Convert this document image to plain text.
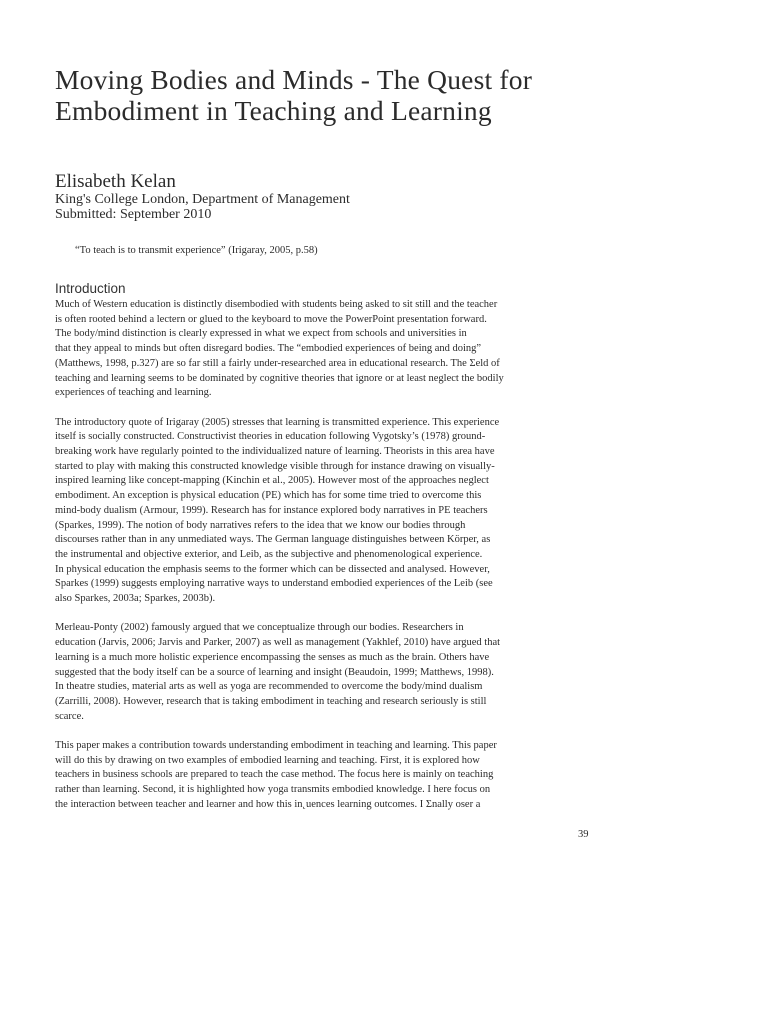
Moving Bodies and Minds - The Quest for Embodiment in Teaching and Learning
Elisabeth Kelan
King's College London, Department of Management
Submitted: September 2010
“To teach is to transmit experience” (Irigaray, 2005, p.58)
Introduction

Much of Western education is distinctly disembodied with students being asked to sit still and the teacher
is often rooted behind a lectern or glued to the keyboard to move the PowerPoint presentation forward.
The body/mind distinction is clearly expressed in what we expect from schools and universities in
that they appeal to minds but often disregard bodies. The “embodied experiences of being and doing”
(Matthews, 1998, p.327) are so far still a fairly under-researched area in educational research. The Σeld of
teaching and learning seems to be dominated by cognitive theories that ignore or at least neglect the bodily
experiences of teaching and learning.

The introductory quote of Irigaray (2005) stresses that learning is transmitted experience. This experience
itself is socially constructed. Constructivist theories in education following Vygotsky’s (1978) ground-
breaking work have regularly pointed to the individualized nature of learning. Theorists in this area have
started to play with making this constructed knowledge visible through for instance drawing on visually-
inspired learning like concept-mapping (Kinchin et al., 2005). However most of the approaches neglect
embodiment. An exception is physical education (PE) which has for some time tried to overcome this
mind-body dualism (Armour, 1999). Research has for instance explored body narratives in PE teachers
(Sparkes, 1999). The notion of body narratives refers to the idea that we know our bodies through
discourses rather than in any unmediated ways. The German language distinguishes between Körper, as
the instrumental and objective exterior, and Leib, as the subjective and phenomenological experience.
In physical education the emphasis seems to the former which can be dissected and analysed. However,
Sparkes (1999) suggests employing narrative ways to understand embodied experiences of the Leib (see
also Sparkes, 2003a; Sparkes, 2003b).

Merleau-Ponty (2002) famously argued that we conceptualize through our bodies. Researchers in
education (Jarvis, 2006; Jarvis and Parker, 2007) as well as management (Yakhlef, 2010) have argued that
learning is a much more holistic experience encompassing the senses as much as the brain. Others have
suggested that the body itself can be a source of learning and insight (Beaudoin, 1999; Matthews, 1998).
In theatre studies, material arts as well as yoga are recommended to overcome the body/mind dualism
(Zarrilli, 2008). However, research that is taking embodiment in teaching and research seriously is still
scarce.

This paper makes a contribution towards understanding embodiment in teaching and learning. This paper
will do this by drawing on two examples of embodied learning and teaching. First, it is explored how
teachers in business schools are prepared to teach the case method. The focus here is mainly on teaching
rather than learning. Second, it is highlighted how yoga transmits embodied knowledge. I here focus on
the interaction between teacher and learner and how this in˛uences learning outcomes. I Σnally oser a

39
